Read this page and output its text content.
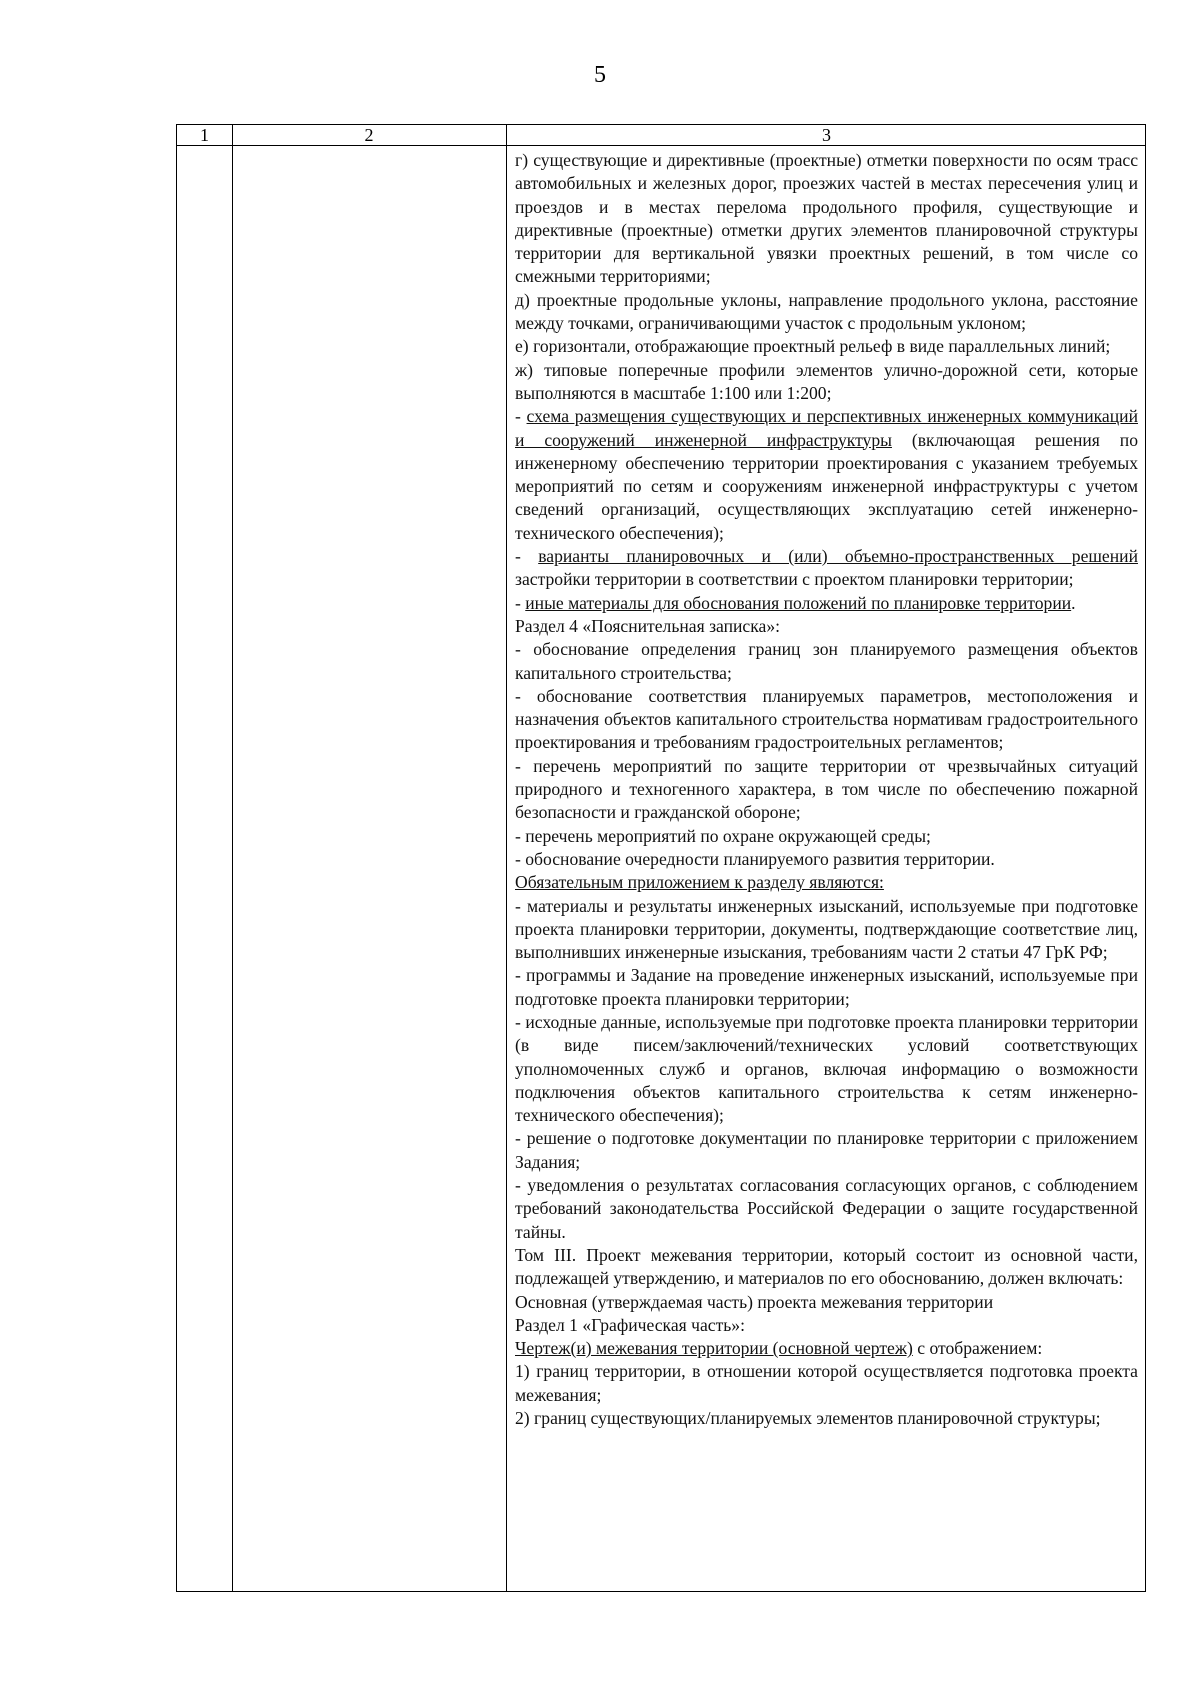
5
1	2	3

г) существующие и директивные (проектные) отметки поверхности по осям трасс автомобильных и железных дорог, проезжих частей в местах пересечения улиц и проездов и в местах перелома продольного профиля, существующие и директивные (проектные) отметки других элементов планировочной структуры территории для вертикальной увязки проектных решений, в том числе со смежными территориями;

д) проектные продольные уклоны, направление продольного уклона, расстояние между точками, ограничивающими участок с продольным уклоном;

е) горизонтали, отображающие проектный рельеф в виде параллельных линий;

ж) типовые поперечные профили элементов улично-дорожной сети, которые выполняются в масштабе 1:100 или 1:200;

- схема размещения существующих и перспективных инженерных коммуникаций и сооружений инженерной инфраструктуры (включающая решения по инженерному обеспечению территории проектирования с указанием требуемых мероприятий по сетям и сооружениям инженерной инфраструктуры с учетом сведений организаций, осуществляющих эксплуатацию сетей инженерно-технического обеспечения);

- варианты планировочных и (или) объемно-пространственных решений застройки территории в соответствии с проектом планировки территории;

- иные материалы для обоснования положений по планировке территории.

Раздел 4 «Пояснительная записка»:

- обоснование определения границ зон планируемого размещения объектов капитального строительства;

- обоснование соответствия планируемых параметров, местоположения и назначения объектов капитального строительства нормативам градостроительного проектирования и требованиям градостроительных регламентов;

- перечень мероприятий по защите территории от чрезвычайных ситуаций природного и техногенного характера, в том числе по обеспечению пожарной безопасности и гражданской обороне;

- перечень мероприятий по охране окружающей среды;

- обоснование очередности планируемого развития территории.

Обязательным приложением к разделу являются:

- материалы и результаты инженерных изысканий, используемые при подготовке проекта планировки территории, документы, подтверждающие соответствие лиц, выполнивших инженерные изыскания, требованиям части 2 статьи 47 ГрК РФ;

- программы и Задание на проведение инженерных изысканий, используемые при подготовке проекта планировки территории;

- исходные данные, используемые при подготовке проекта планировки территории (в виде писем/заключений/технических условий соответствующих уполномоченных служб и органов, включая информацию о возможности подключения объектов капитального строительства к сетям инженерно-технического обеспечения);

- решение о подготовке документации по планировке территории с приложением Задания;

- уведомления о результатах согласования согласующих органов, с соблюдением требований законодательства Российской Федерации о защите государственной тайны.

Том III. Проект межевания территории, который состоит из основной части, подлежащей утверждению, и материалов по его обоснованию, должен включать:

Основная (утверждаемая часть) проекта межевания территории

Раздел 1 «Графическая часть»:

Чертеж(и) межевания территории (основной чертеж) с отображением:

1) границ территории, в отношении которой осуществляется подготовка проекта межевания;

2) границ существующих/планируемых элементов планировочной структуры;
